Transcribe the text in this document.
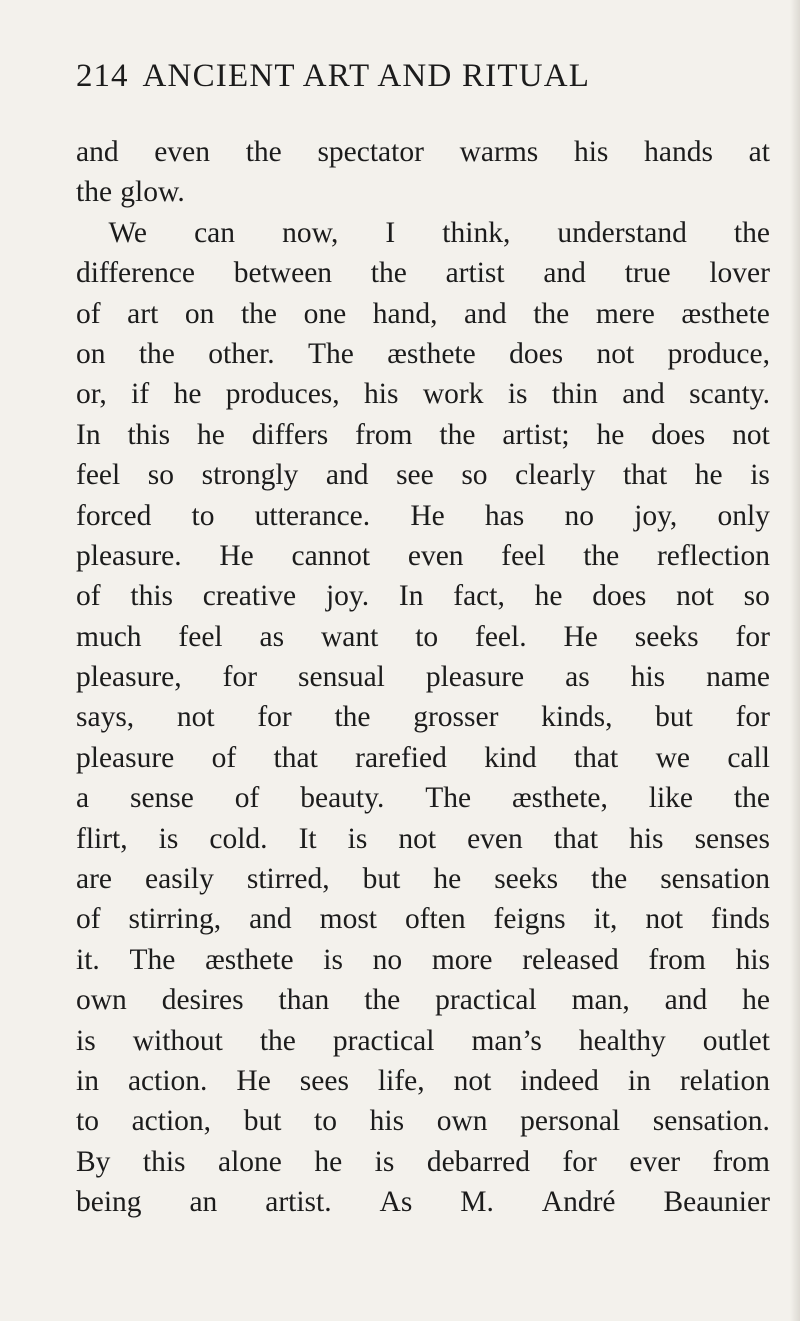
214 ANCIENT ART AND RITUAL
and even the spectator warms his hands at
the glow.
We can now, I think, understand the
difference between the artist and true lover
of art on the one hand, and the mere æsthete
on the other. The æsthete does not produce,
or, if he produces, his work is thin and scanty.
In this he differs from the artist; he does not
feel so strongly and see so clearly that he is
forced to utterance. He has no joy, only
pleasure. He cannot even feel the reflection
of this creative joy. In fact, he does not so
much feel as want to feel. He seeks for
pleasure, for sensual pleasure as his name
says, not for the grosser kinds, but for
pleasure of that rarefied kind that we call
a sense of beauty. The æsthete, like the
flirt, is cold. It is not even that his senses
are easily stirred, but he seeks the sensation
of stirring, and most often feigns it, not finds
it. The æsthete is no more released from his
own desires than the practical man, and he
is without the practical man’s healthy outlet
in action. He sees life, not indeed in relation
to action, but to his own personal sensation.
By this alone he is debarred for ever from
being an artist. As M. André Beaunier
